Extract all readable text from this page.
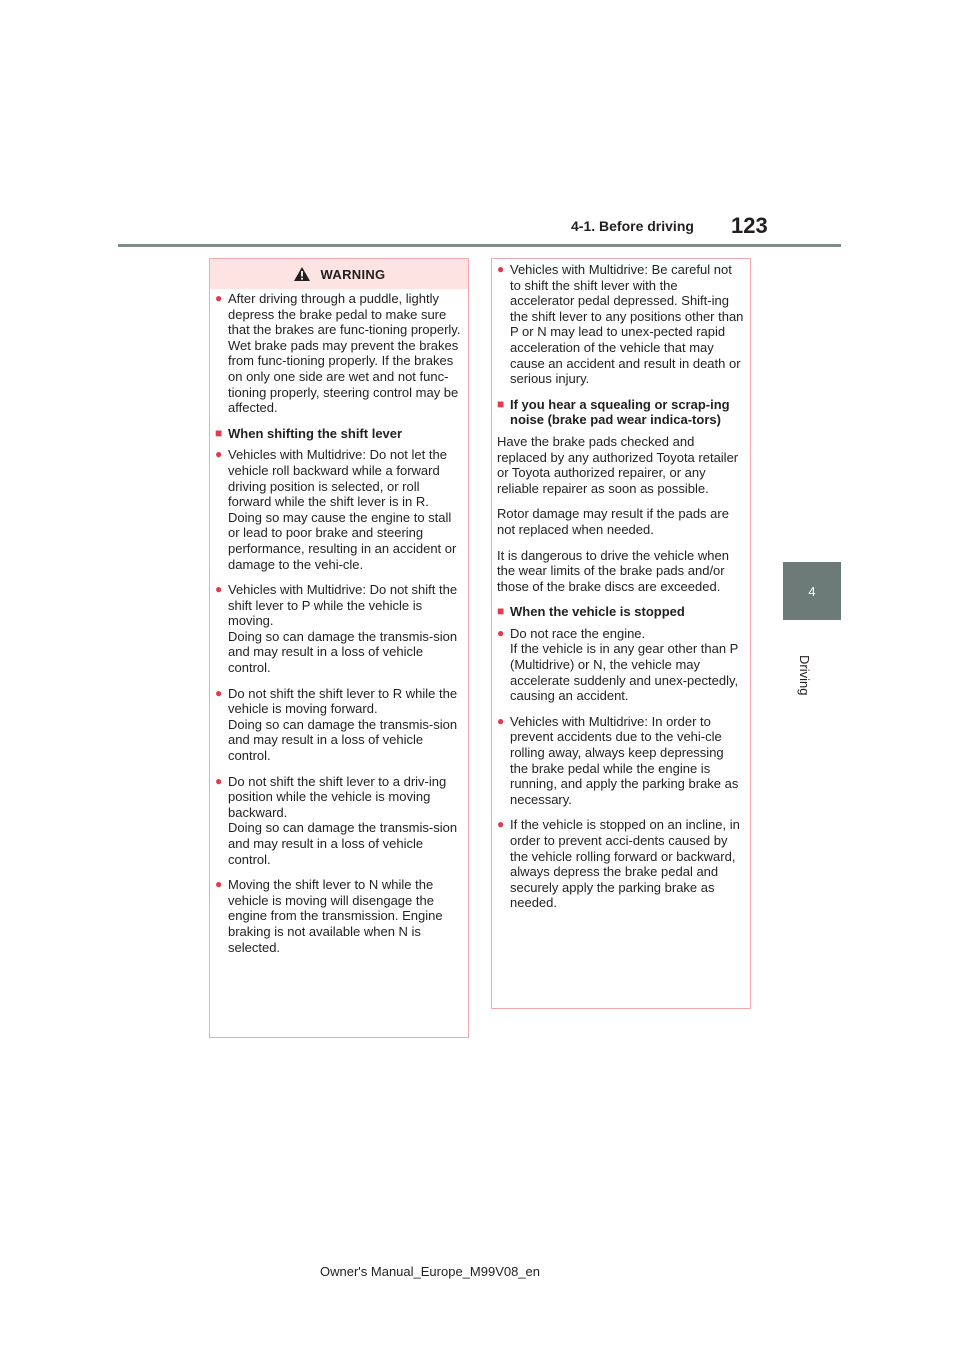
4-1. Before driving 123
4
Driving
WARNING
● After driving through a puddle, lightly depress the brake pedal to make sure that the brakes are func-tioning properly. Wet brake pads may prevent the brakes from func-tioning properly. If the brakes on only one side are wet and not func-tioning properly, steering control may be affected.
■ When shifting the shift lever
● Vehicles with Multidrive: Do not let the vehicle roll backward while a forward driving position is selected, or roll forward while the shift lever is in R.
Doing so may cause the engine to stall or lead to poor brake and steering performance, resulting in an accident or damage to the vehi-cle.
● Vehicles with Multidrive: Do not shift the shift lever to P while the vehicle is moving.
Doing so can damage the transmis-sion and may result in a loss of vehicle control.
● Do not shift the shift lever to R while the vehicle is moving forward.
Doing so can damage the transmis-sion and may result in a loss of vehicle control.
● Do not shift the shift lever to a driv-ing position while the vehicle is moving backward.
Doing so can damage the transmis-sion and may result in a loss of vehicle control.
● Moving the shift lever to N while the vehicle is moving will disengage the engine from the transmission. Engine braking is not available when N is selected.
● Vehicles with Multidrive: Be careful not to shift the shift lever with the accelerator pedal depressed. Shift-ing the shift lever to any positions other than P or N may lead to unex-pected rapid acceleration of the vehicle that may cause an accident and result in death or serious injury.
■ If you hear a squealing or scrap-ing noise (brake pad wear indica-tors)

Have the brake pads checked and replaced by any authorized Toyota retailer or Toyota authorized repairer, or any reliable repairer as soon as possible.

Rotor damage may result if the pads are not replaced when needed.

It is dangerous to drive the vehicle when the wear limits of the brake pads and/or those of the brake discs are exceeded.

■ When the vehicle is stopped
● Do not race the engine.
If the vehicle is in any gear other than P (Multidrive) or N, the vehicle may accelerate suddenly and unex-pectedly, causing an accident.
● Vehicles with Multidrive: In order to prevent accidents due to the vehi-cle rolling away, always keep depressing the brake pedal while the engine is running, and apply the parking brake as necessary.
● If the vehicle is stopped on an incline, in order to prevent acci-dents caused by the vehicle rolling forward or backward, always depress the brake pedal and securely apply the parking brake as needed.
Owner's Manual_Europe_M99V08_en
